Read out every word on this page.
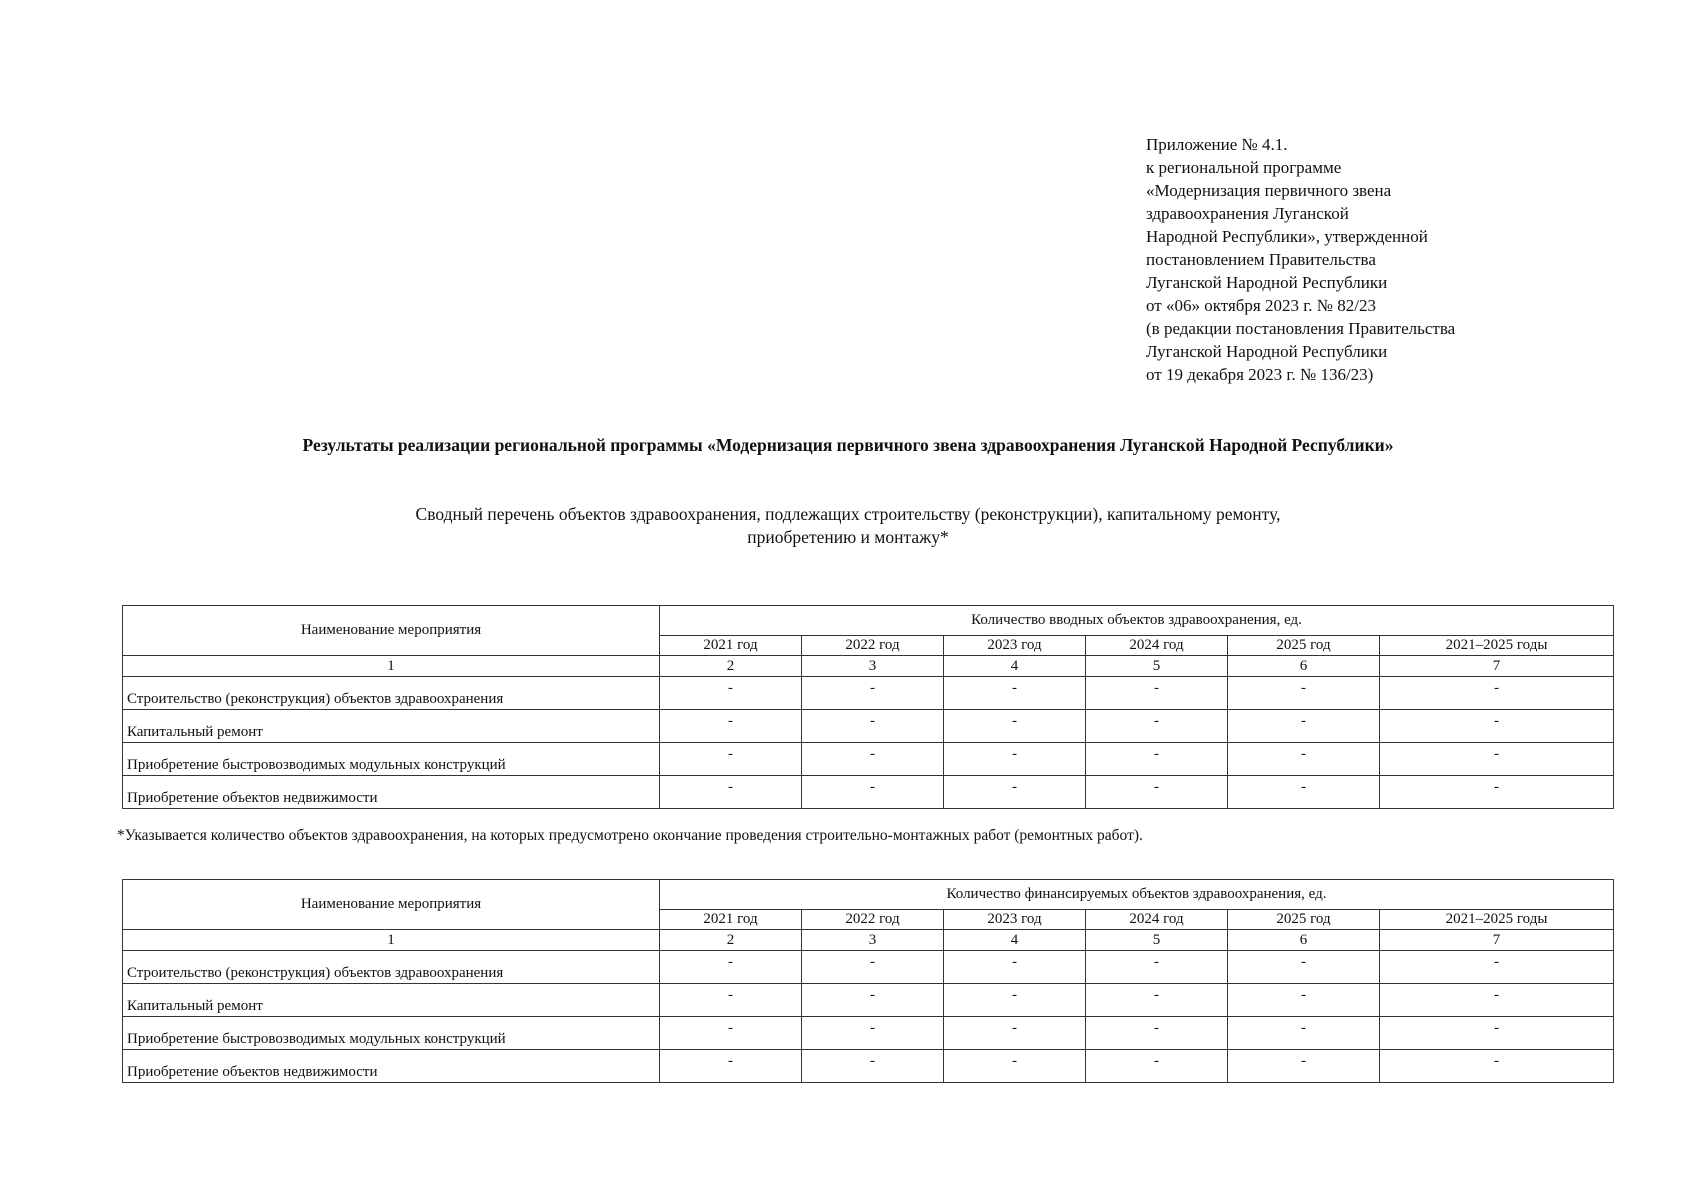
Приложение № 4.1.
к региональной программе
«Модернизация первичного звена
здравоохранения Луганской
Народной Республики», утвержденной
постановлением Правительства
Луганской Народной Республики
от «06» октября 2023 г. № 82/23
(в редакции постановления Правительства
Луганской Народной Республики
от 19 декабря 2023 г. № 136/23)
Результаты реализации региональной программы «Модернизация первичного звена здравоохранения Луганской Народной Республики»
Сводный перечень объектов здравоохранения, подлежащих строительству (реконструкции), капитальному ремонту,
приобретению и монтажу*
Наименование мероприятия	Количество вводных объектов здравоохранения, ед.					
	2021 год	2022 год	2023 год	2024 год	2025 год	2021–2025 годы
1	2	3	4	5	6	7
Строительство (реконструкция) объектов здравоохранения	-	-	-	-	-	-
Капитальный ремонт	-	-	-	-	-	-
Приобретение быстровозводимых модульных конструкций	-	-	-	-	-	-
Приобретение объектов недвижимости	-	-	-	-	-	-
*Указывается количество объектов здравоохранения, на которых предусмотрено окончание проведения строительно-монтажных работ (ремонтных работ).
Наименование мероприятия	Количество финансируемых объектов здравоохранения, ед.					
	2021 год	2022 год	2023 год	2024 год	2025 год	2021–2025 годы
1	2	3	4	5	6	7
Строительство (реконструкция) объектов здравоохранения	-	-	-	-	-	-
Капитальный ремонт	-	-	-	-	-	-
Приобретение быстровозводимых модульных конструкций	-	-	-	-	-	-
Приобретение объектов недвижимости	-	-	-	-	-	-
